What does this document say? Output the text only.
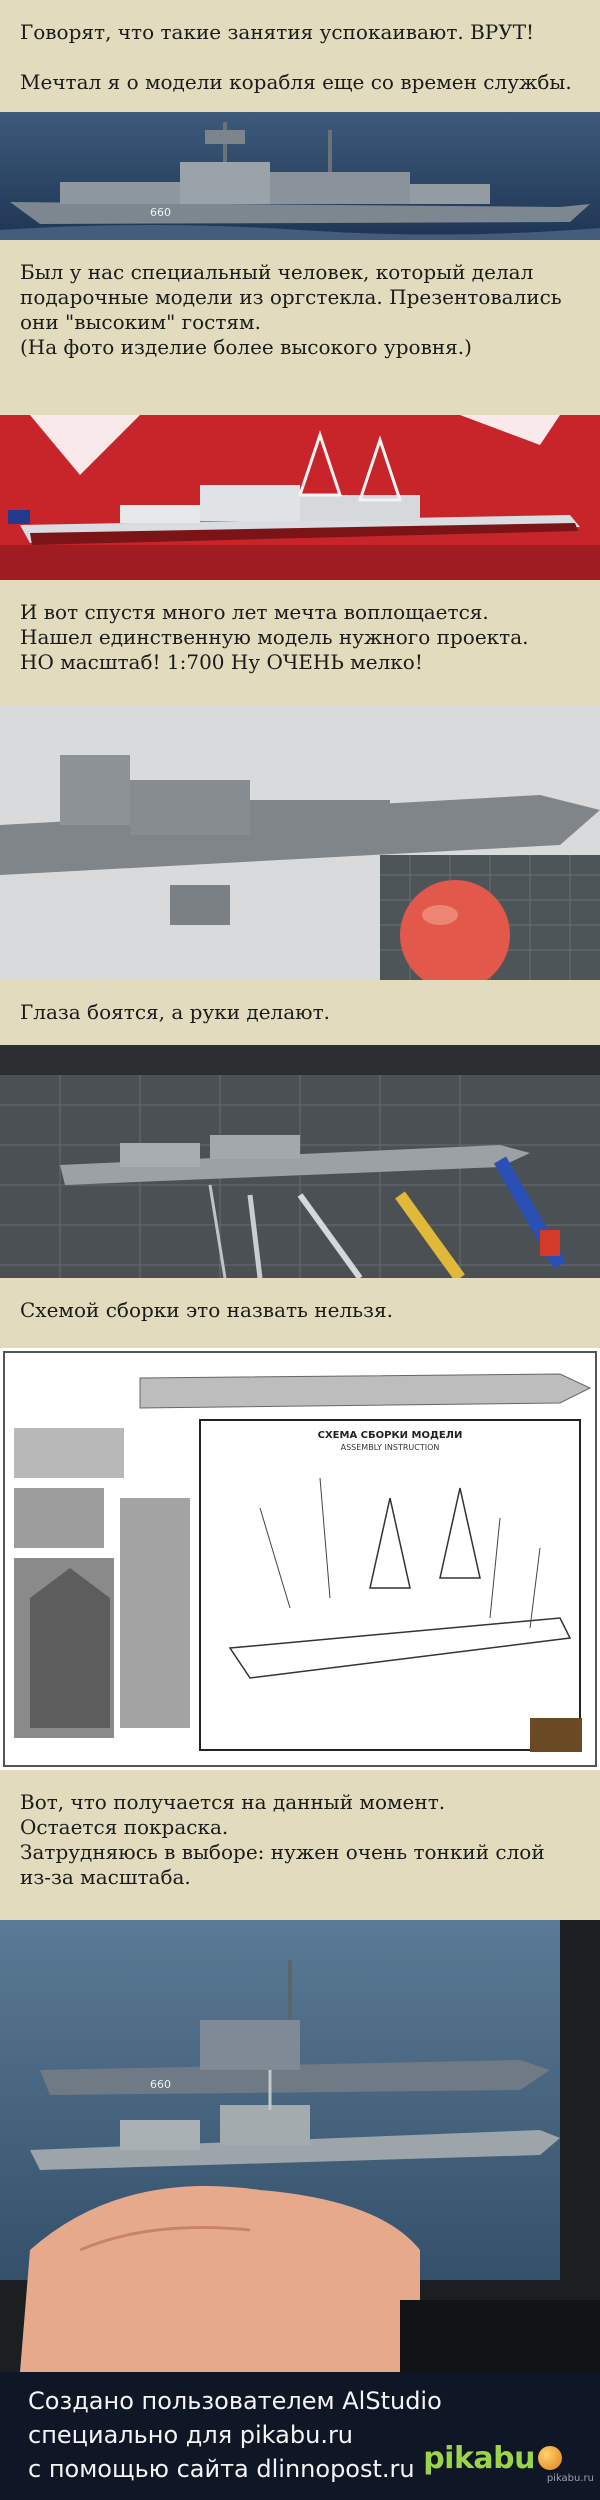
Говорят, что такие занятия успокаивают. ВРУТ!

Мечтал я о модели корабля еще со времен службы.

660

Был у нас специальный человек, который делал

подарочные модели из оргстекла. Презентовались

они "высоким" гостям.

(На фото изделие более высокого уровня.)

И вот спустя много лет мечта воплощается.

Нашел единственную модель нужного проекта.

НО масштаб! 1:700 Ну ОЧЕНЬ мелко!

Глаза боятся, а руки делают.

Схемой сборки это назвать нельзя.

СХЕМА СБОРКИ МОДЕЛИ
ASSEMBLY INSTRUCTION

Вот, что получается на данный момент.

Остается покраска.

Затрудняюсь в выборе: нужен очень тонкий слой

из-за масштаба.

660

Создано пользователем AlStudio

специально для pikabu.ru

с помощью сайта dlinnopost.ru pikabu
pikabu.ru
